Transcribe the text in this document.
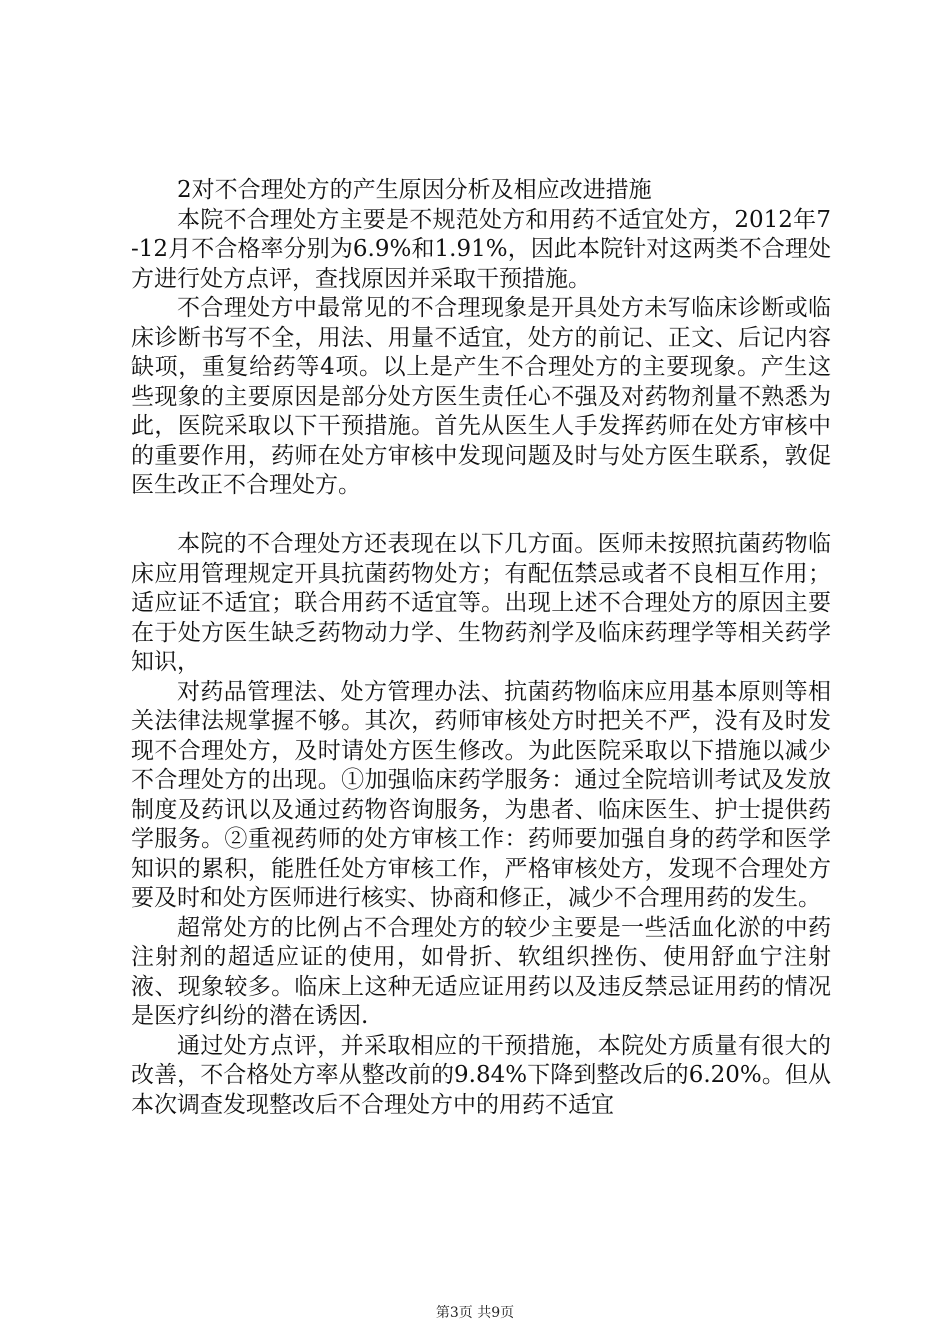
2对不合理处方的产生原因分析及相应改进措施

本院不合理处方主要是不规范处方和用药不适宜处方，2012年7-12月不合格率分别为6.9%和1.91%，因此本院针对这两类不合理处方进行处方点评，查找原因并采取干预措施。

不合理处方中最常见的不合理现象是开具处方未写临床诊断或临床诊断书写不全，用法、用量不适宜，处方的前记、正文、后记内容缺项，重复给药等4项。以上是产生不合理处方的主要现象。产生这些现象的主要原因是部分处方医生责任心不强及对药物剂量不熟悉为此，医院采取以下干预措施。首先从医生人手发挥药师在处方审核中的重要作用，药师在处方审核中发现问题及时与处方医生联系，敦促医生改正不合理处方。

本院的不合理处方还表现在以下几方面。医师未按照抗菌药物临床应用管理规定开具抗菌药物处方；有配伍禁忌或者不良相互作用；适应证不适宜；联合用药不适宜等。出现上述不合理处方的原因主要在于处方医生缺乏药物动力学、生物药剂学及临床药理学等相关药学知识，

对药品管理法、处方管理办法、抗菌药物临床应用基本原则等相关法律法规掌握不够。其次，药师审核处方时把关不严，没有及时发现不合理处方，及时请处方医生修改。为此医院采取以下措施以减少不合理处方的出现。①加强临床药学服务：通过全院培训考试及发放制度及药讯以及通过药物咨询服务，为患者、临床医生、护士提供药学服务。②重视药师的处方审核工作：药师要加强自身的药学和医学知识的累积，能胜任处方审核工作，严格审核处方，发现不合理处方要及时和处方医师进行核实、协商和修正，减少不合理用药的发生。

超常处方的比例占不合理处方的较少主要是一些活血化淤的中药注射剂的超适应证的使用，如骨折、软组织挫伤、使用舒血宁注射液、现象较多。临床上这种无适应证用药以及违反禁忌证用药的情况是医疗纠纷的潜在诱因.

通过处方点评，并采取相应的干预措施，本院处方质量有很大的改善，不合格处方率从整改前的9.84%下降到整改后的6.20%。但从本次调查发现整改后不合理处方中的用药不适宜

第3页 共9页
